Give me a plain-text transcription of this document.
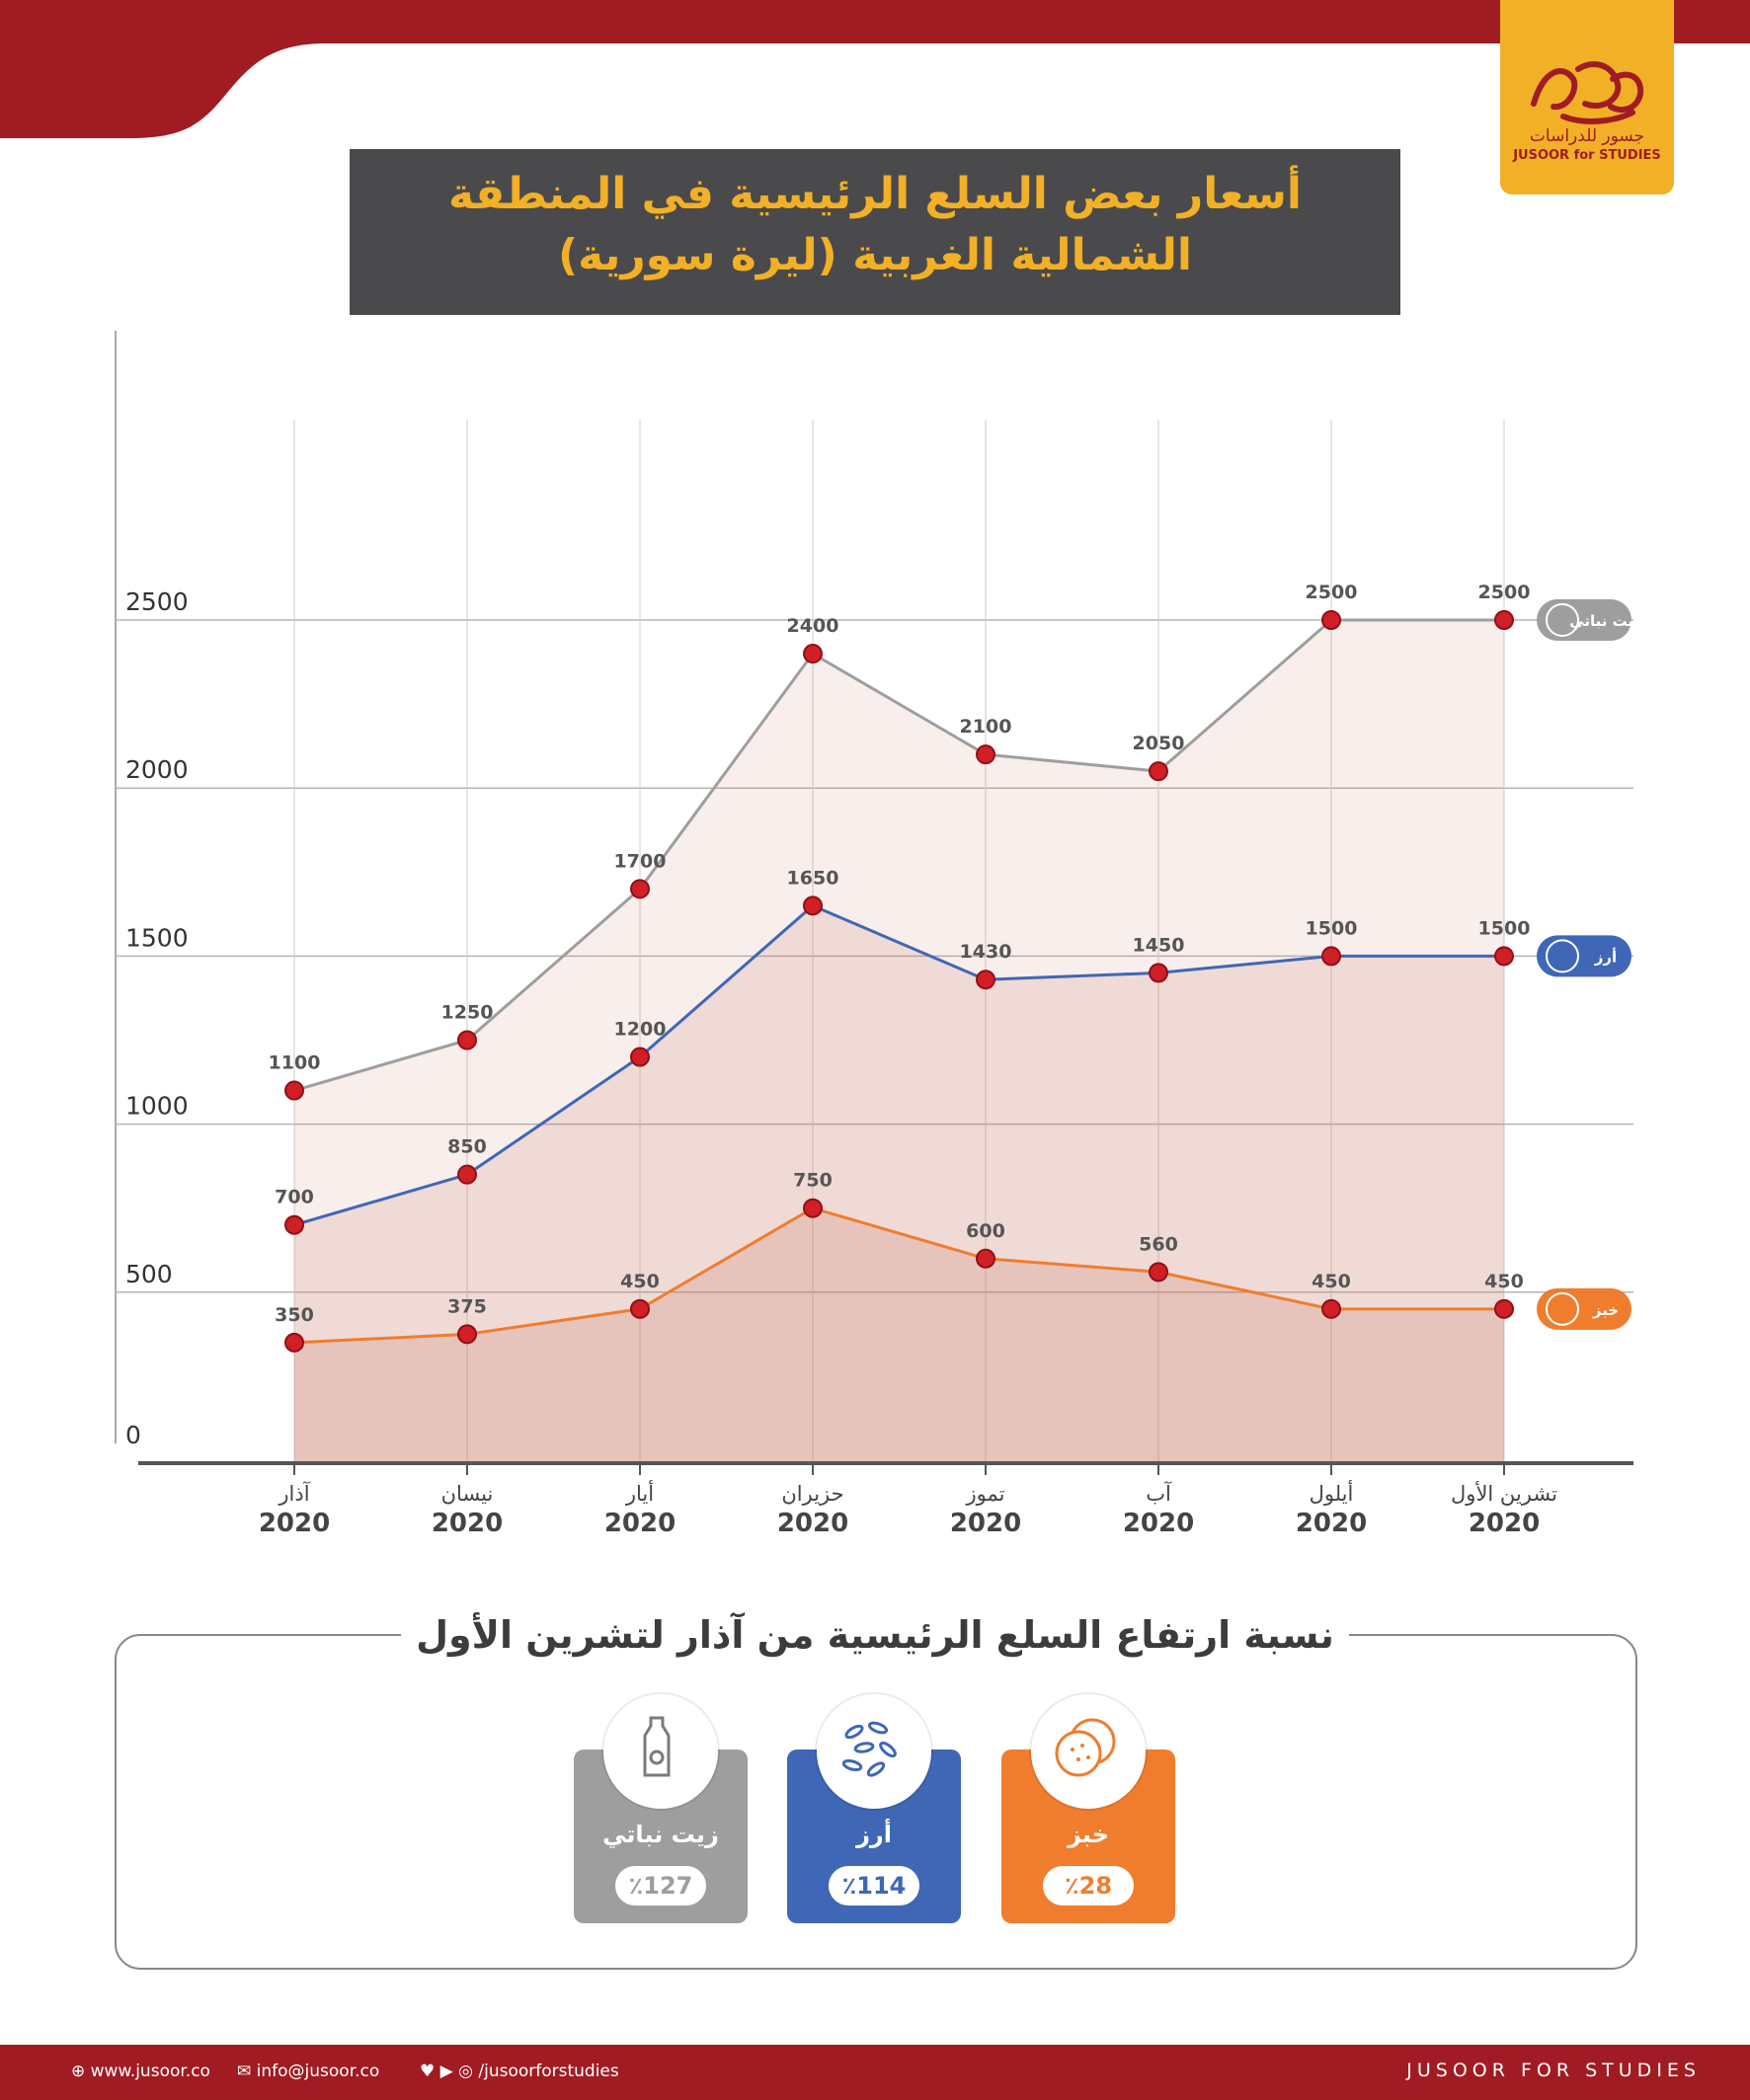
جسور للدراسات
JUSOOR for STUDIES
أسعار بعض السلع الرئيسية في المنطقة
الشمالية الغربية (ليرة سورية)
0
500
1000
1500
2000
2500
1100
1250
1700
2400
2100
2050
2500	2500
زيت نباتي
700
850
1200
1650
1430	1450
1500	1500
أرز
350	375
450
750
600
560
450	450
خبز
آذار
2020
نيسان
2020
أيار
2020
حزيران
2020
تموز
2020
آب
2020
أيلول
2020
تشرين الأول
2020
نسبة ارتفاع السلع الرئيسية من آذار لتشرين الأول
زيت نباتي
٪127
أرز
٪114
خبز
٪28
⊕ www.jusoor.co ✉ info@jusoor.co ♥ ▶ ◎ /jusoorforstudies	JUSOOR FOR STUDIES
